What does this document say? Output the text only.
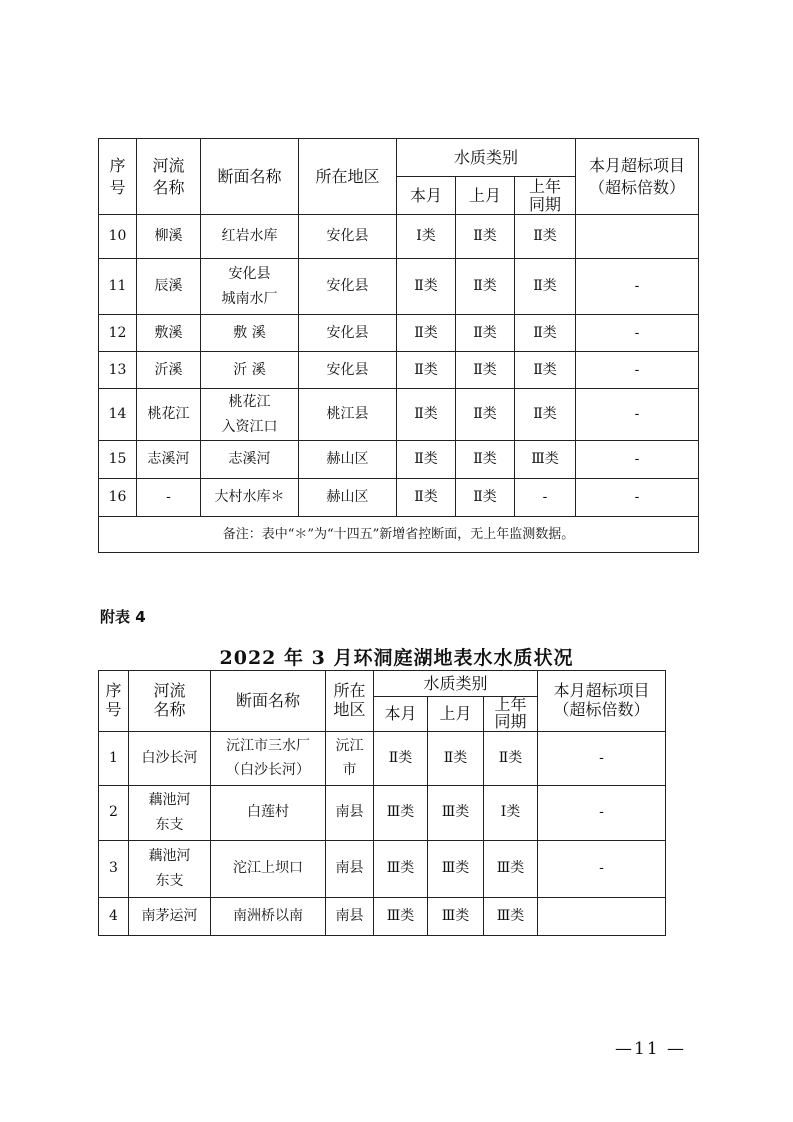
序
号	河流
名称	断面名称	所在地区	水质类别			本月超标项目
（超标倍数）

				本月	上月	上年
同期	

10	柳溪	红岩水库	安化县	Ⅰ类	Ⅱ类	Ⅱ类	
11	辰溪	安化县
城南水厂	安化县	Ⅱ类	Ⅱ类	Ⅱ类	-
12	敷溪	敷 溪	安化县	Ⅱ类	Ⅱ类	Ⅱ类	-
13	沂溪	沂 溪	安化县	Ⅱ类	Ⅱ类	Ⅱ类	-
14	桃花江	桃花江
入资江口	桃江县	Ⅱ类	Ⅱ类	Ⅱ类	-
15	志溪河	志溪河	赫山区	Ⅱ类	Ⅱ类	Ⅲ类	-
16	-	大村水库＊	赫山区	Ⅱ类	Ⅱ类	-	-
备注：表中“＊”为“十四五”新增省控断面，无上年监测数据。							
附表 4
2022 年 3 月环洞庭湖地表水水质状况
序
号	河流
名称	断面名称	所在
地区	水质类别			本月超标项目
（超标倍数）

				本月	上月	上年
同期	

1	白沙长河	沅江市三水厂
（白沙长河）	沅江
市	Ⅱ类	Ⅱ类	Ⅱ类	-
2	藕池河
东支	白莲村	南县	Ⅲ类	Ⅲ类	Ⅰ类	-
3	藕池河
东支	沱江上坝口	南县	Ⅲ类	Ⅲ类	Ⅲ类	-
4	南茅运河	南洲桥以南	南县	Ⅲ类	Ⅲ类	Ⅲ类	
—11 —
